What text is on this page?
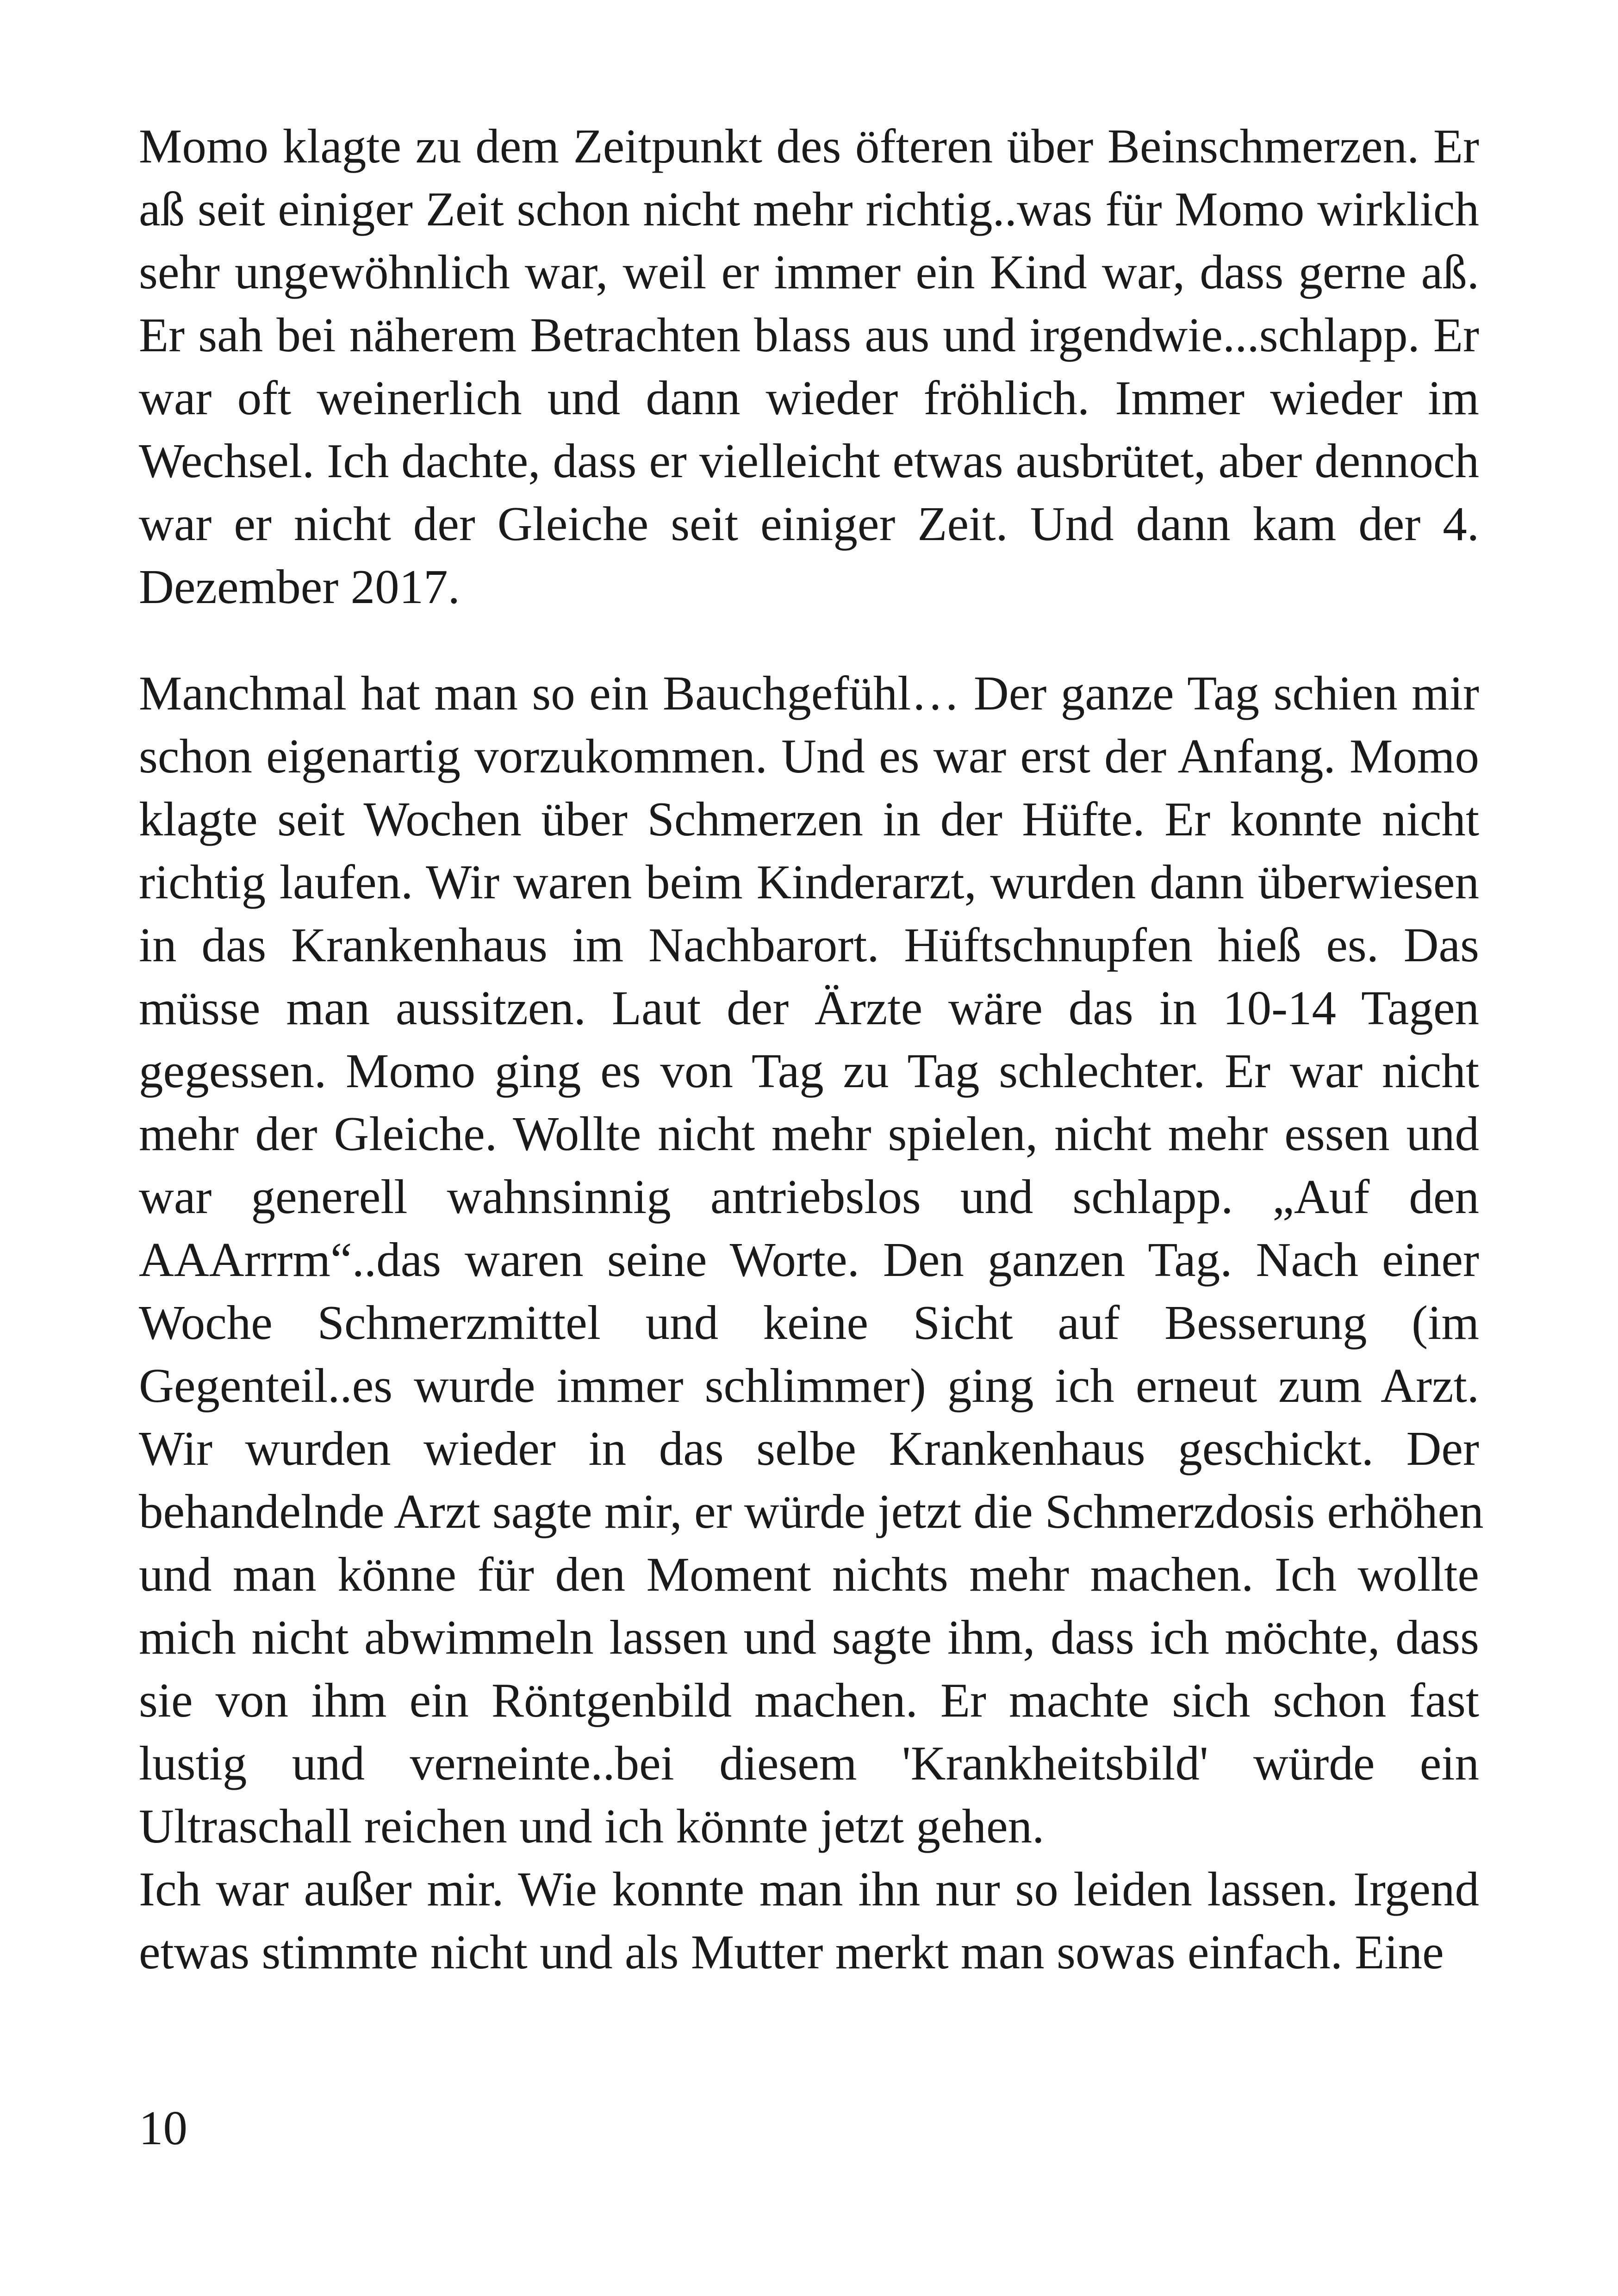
Momo klagte zu dem Zeitpunkt des öfteren über Beinschmerzen. Er
aß seit einiger Zeit schon nicht mehr richtig..was für Momo wirklich
sehr ungewöhnlich war, weil er immer ein Kind war, dass gerne aß.
Er sah bei näherem Betrachten blass aus und irgendwie...schlapp. Er
war oft weinerlich und dann wieder fröhlich. Immer wieder im
Wechsel. Ich dachte, dass er vielleicht etwas ausbrütet, aber dennoch
war er nicht der Gleiche seit einiger Zeit. Und dann kam der 4.
Dezember 2017.
Manchmal hat man so ein Bauchgefühl… Der ganze Tag schien mir
schon eigenartig vorzukommen. Und es war erst der Anfang. Momo
klagte seit Wochen über Schmerzen in der Hüfte. Er konnte nicht
richtig laufen. Wir waren beim Kinderarzt, wurden dann überwiesen
in das Krankenhaus im Nachbarort. Hüftschnupfen hieß es. Das
müsse man aussitzen. Laut der Ärzte wäre das in 10-14 Tagen
gegessen. Momo ging es von Tag zu Tag schlechter. Er war nicht
mehr der Gleiche. Wollte nicht mehr spielen, nicht mehr essen und
war generell wahnsinnig antriebslos und schlapp. „Auf den
AAArrrm“..das waren seine Worte. Den ganzen Tag. Nach einer
Woche Schmerzmittel und keine Sicht auf Besserung (im
Gegenteil..es wurde immer schlimmer) ging ich erneut zum Arzt.
Wir wurden wieder in das selbe Krankenhaus geschickt. Der
behandelnde Arzt sagte mir, er würde jetzt die Schmerzdosis erhöhen
und man könne für den Moment nichts mehr machen. Ich wollte
mich nicht abwimmeln lassen und sagte ihm, dass ich möchte, dass
sie von ihm ein Röntgenbild machen. Er machte sich schon fast
lustig und verneinte..bei diesem 'Krankheitsbild' würde ein
Ultraschall reichen und ich könnte jetzt gehen.
Ich war außer mir. Wie konnte man ihn nur so leiden lassen. Irgend
etwas stimmte nicht und als Mutter merkt man sowas einfach. Eine
10
